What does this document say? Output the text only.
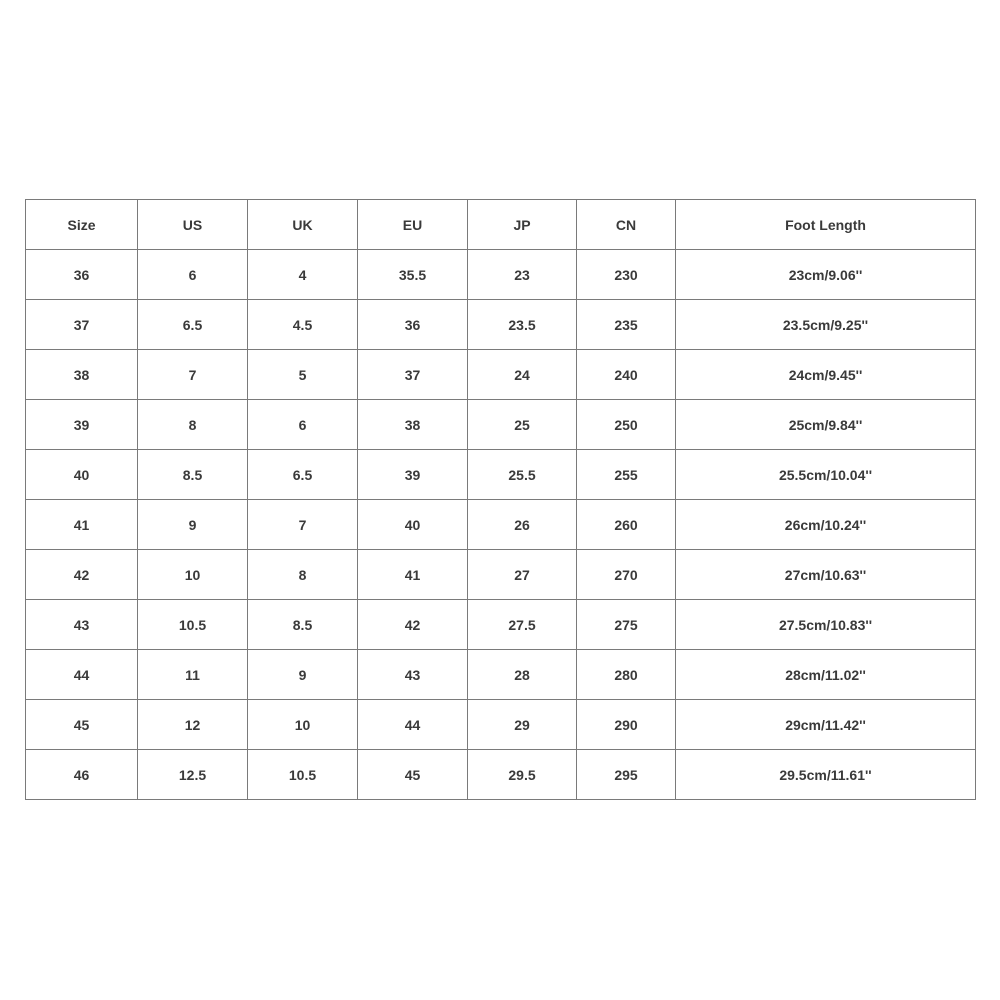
Size	US	UK	EU	JP	CN	Foot Length
36	6	4	35.5	23	230	23cm/9.06''
37	6.5	4.5	36	23.5	235	23.5cm/9.25''
38	7	5	37	24	240	24cm/9.45''
39	8	6	38	25	250	25cm/9.84''
40	8.5	6.5	39	25.5	255	25.5cm/10.04''
41	9	7	40	26	260	26cm/10.24''
42	10	8	41	27	270	27cm/10.63''
43	10.5	8.5	42	27.5	275	27.5cm/10.83''
44	11	9	43	28	280	28cm/11.02''
45	12	10	44	29	290	29cm/11.42''
46	12.5	10.5	45	29.5	295	29.5cm/11.61''
